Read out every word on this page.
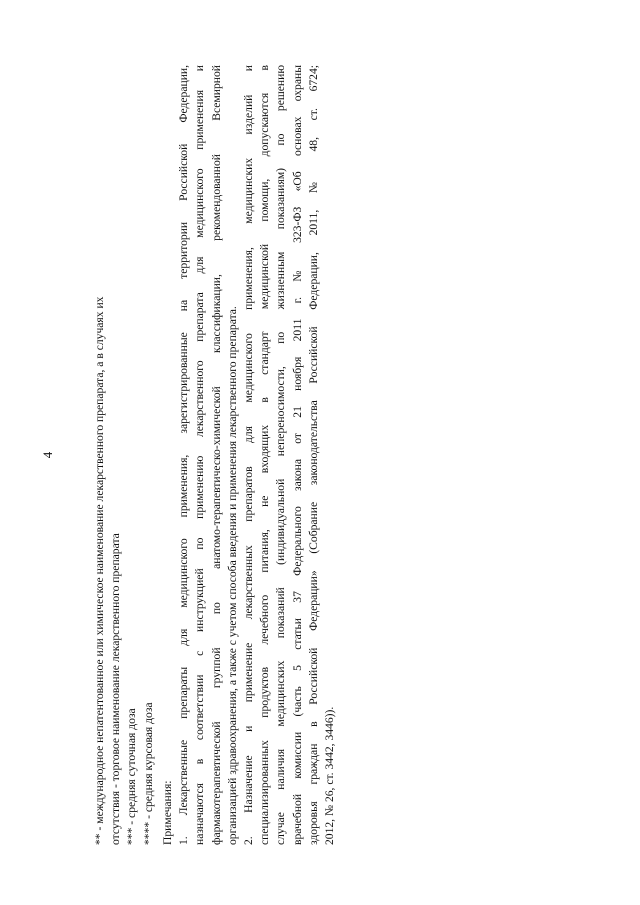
4	** - международное непатентованное или химическое наименование лекарственного препарата, а в случаях их отсутствия - торговое наименование лекарственного препарата *** - средняя суточная доза **** - средняя курсовая доза Примечания: 1. Лекарственные препараты для медицинского применения, зарегистрированные на территории Российской Федерации, назначаются в соответствии с инструкцией по применению лекарственного препарата для медицинского применения и фармакотерапевтической группой по анатомо-терапевтическо-химической классификации, рекомендованной Всемирной организацией здравоохранения, а также с учетом способа введения и применения лекарственного препарата. 2. Назначение и применение лекарственных препаратов для медицинского применения, медицинских изделий и специализированных продуктов лечебного питания, не входящих в стандарт медицинской помощи, допускаются в случае наличия медицинских показаний (индивидуальной непереносимости, по жизненным показаниям) по решению врачебной комиссии (часть 5 статьи 37 Федерального закона от 21 ноября 2011 г. № 323-ФЗ «Об основах охраны здоровья граждан в Российской Федерации» (Собрание законодательства Российской Федерации, 2011, № 48, ст. 6724; 2012, № 26, ст. 3442, 3446)).
